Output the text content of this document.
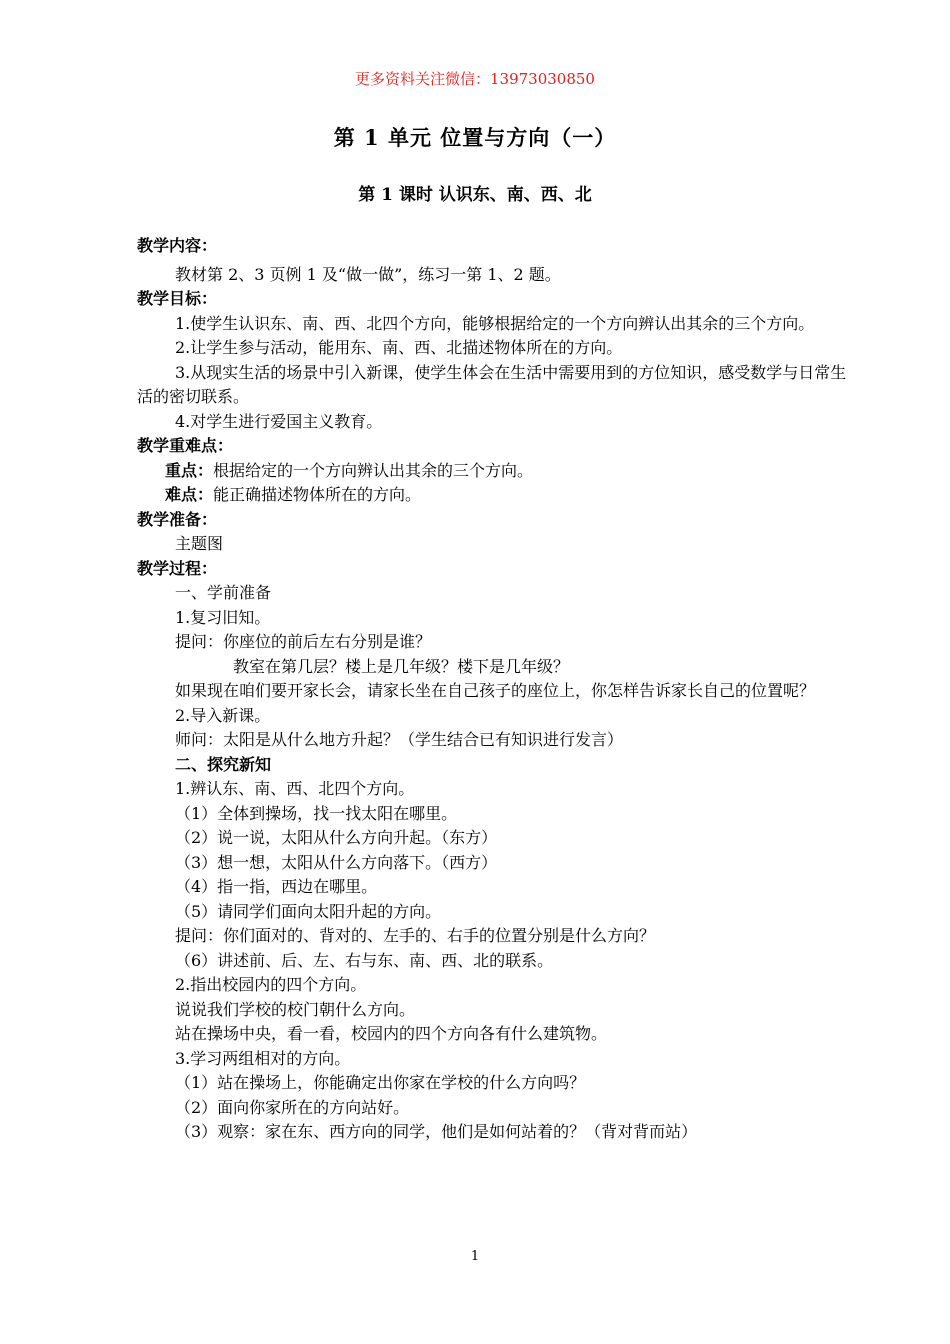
更多资料关注微信：13973030850
第 1 单元 位置与方向（一）
第 1 课时 认识东、南、西、北

教学内容：

教材第 2、3 页例 1 及“做一做”，练习一第 1、2 题。

教学目标：

1.使学生认识东、南、西、北四个方向，能够根据给定的一个方向辨认出其余的三个方向。

2.让学生参与活动，能用东、南、西、北描述物体所在的方向。

3.从现实生活的场景中引入新课，使学生体会在生活中需要用到的方位知识，感受数学与日常生活的密切联系。

4.对学生进行爱国主义教育。

教学重难点：

重点：根据给定的一个方向辨认出其余的三个方向。

难点：能正确描述物体所在的方向。

教学准备：

主题图

教学过程：

一、学前准备

1.复习旧知。

提问：你座位的前后左右分别是谁？

教室在第几层？楼上是几年级？楼下是几年级？

如果现在咱们要开家长会，请家长坐在自己孩子的座位上，你怎样告诉家长自己的位置呢？

2.导入新课。

师问：太阳是从什么地方升起？（学生结合已有知识进行发言）

二、探究新知

1.辨认东、南、西、北四个方向。

（1）全体到操场，找一找太阳在哪里。

（2）说一说，太阳从什么方向升起。（东方）

（3）想一想，太阳从什么方向落下。（西方）

（4）指一指，西边在哪里。

（5）请同学们面向太阳升起的方向。

提问：你们面对的、背对的、左手的、右手的位置分别是什么方向？

（6）讲述前、后、左、右与东、南、西、北的联系。

2.指出校园内的四个方向。

说说我们学校的校门朝什么方向。

站在操场中央，看一看，校园内的四个方向各有什么建筑物。

3.学习两组相对的方向。

（1）站在操场上，你能确定出你家在学校的什么方向吗？

（2）面向你家所在的方向站好。

（3）观察：家在东、西方向的同学，他们是如何站着的？（背对背而站）

1
